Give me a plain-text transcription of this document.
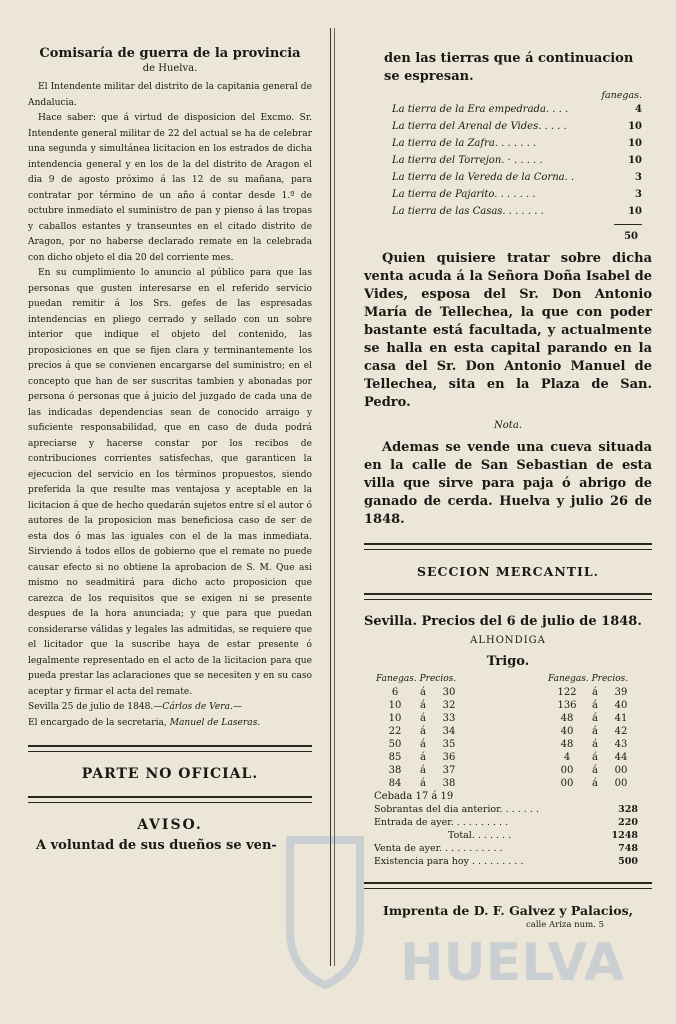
Comisaría de guerra de la provincia
de Huelva.

El Intendente militar del distrito de la capitania general de Andalucia.

Hace saber: que á virtud de disposicion del Excmo. Sr. Intendente general militar de 22 del actual se ha de celebrar una segunda y simultánea licitacion en los estrados de dicha intendencia general y en los de la del distrito de Aragon el dia 9 de agosto próximo á las 12 de su mañana, para contratar por término de un año á contar desde 1.º de octubre inmediato el suministro de pan y pienso á las tropas y caballos estantes y transeuntes en el citado distrito de Aragon, por no haberse declarado remate en la celebrada con dicho objeto el dia 20 del corriente mes.

En su cumplimiento lo anuncio al público para que las personas que gusten interesarse en el referido servicio puedan remitir á los Srs. gefes de las espresadas intendencias en pliego cerrado y sellado con un sobre interior que indique el objeto del contenido, las proposiciones en que se fijen clara y terminantemente los precios á que se convienen encargarse del suministro; en el concepto que han de ser suscritas tambien y abonadas por persona ó personas que á juicio del juzgado de cada una de las indicadas dependencias sean de conocido arraigo y suficiente responsabilidad, que en caso de duda podrá apreciarse y hacerse constar por los recibos de contribuciones corrientes satisfechas, que garanticen la ejecucion del servicio en los términos propuestos, siendo preferida la que resulte mas ventajosa y aceptable en la licitacion á que de hecho quedarán sujetos entre sí el autor ó autores de la proposicion mas beneficiosa caso de ser de esta dos ó mas las iguales con el de la mas inmediata. Sirviendo á todos ellos de gobierno que el remate no puede causar efecto si no obtiene la aprobacion de S. M. Que asi mismo no seadmitirá para dicho acto proposicion que carezca de los requisitos que se exigen ni se presente despues de la hora anunciada; y que para que puedan considerarse válidas y legales las admitidas, se requiere que el licitador que la suscribe haya de estar presente ó legalmente representado en el acto de la licitacion para que pueda prestar las aclaraciones que se necesiten y en su caso aceptar y firmar el acta del remate.

Sevilla 25 de julio de 1848.—Cárlos de Vera.—

El encargado de la secretaria, Manuel de Laseras.

PARTE NO OFICIAL.
AVISO.

A voluntad de sus dueños se ven-

den las tierras que á continuacion se espresan.

fanegas.
La tierra de la Era empedrada. . . .	4
La tierra del Arenal de Vides. . . . .	10
La tierra de la Zafra. . . . . . .	10
La tierra del Torrejon. · . . . . .	10
La tierra de la Vereda de la Corna. .	3
La tierra de Pajarito. . . . . . .	3
La tierra de las Casas. . . . . . .	10
50

Quien quisiere tratar sobre dicha venta acuda á la Señora Doña Isabel de Vides, esposa del Sr. Don Antonio María de Tellechea, la que con poder bastante está facultada, y actualmente se halla en esta capital parando en la casa del Sr. Don Antonio Manuel de Tellechea, sita en la Plaza de San. Pedro.

Nota.

Ademas se vende una cueva situada en la calle de San Sebastian de esta villa que sirve para paja ó abrigo de ganado de cerda. Huelva y julio 26 de 1848.

SECCION MERCANTIL.
Sevilla. Precios del 6 de julio de 1848.
ALHONDIGA
Trigo.
Fanegas. Precios.
6	á	30
10	á	32
10	á	33
22	á	34
50	á	35
85	á	36
38	á	37
84	á	38
Fanegas. Precios.
122	á	39
136	á	40
48	á	41
40	á	42
48	á	43
4	á	44
00	á	00
00	á	00
Cebada 17 á 19
Sobrantas del dia anterior. . . . . . .	328
Entrada de ayer. . . . . . . . . .	220
Total. . . . . . .	1248
Venta de ayer. . . . . . . . . . .	748
Existencia para hoy . . . . . . . . .	500
Imprenta de D. F. Galvez y Palacios,
calle Ariza num. 5
HUELVA
